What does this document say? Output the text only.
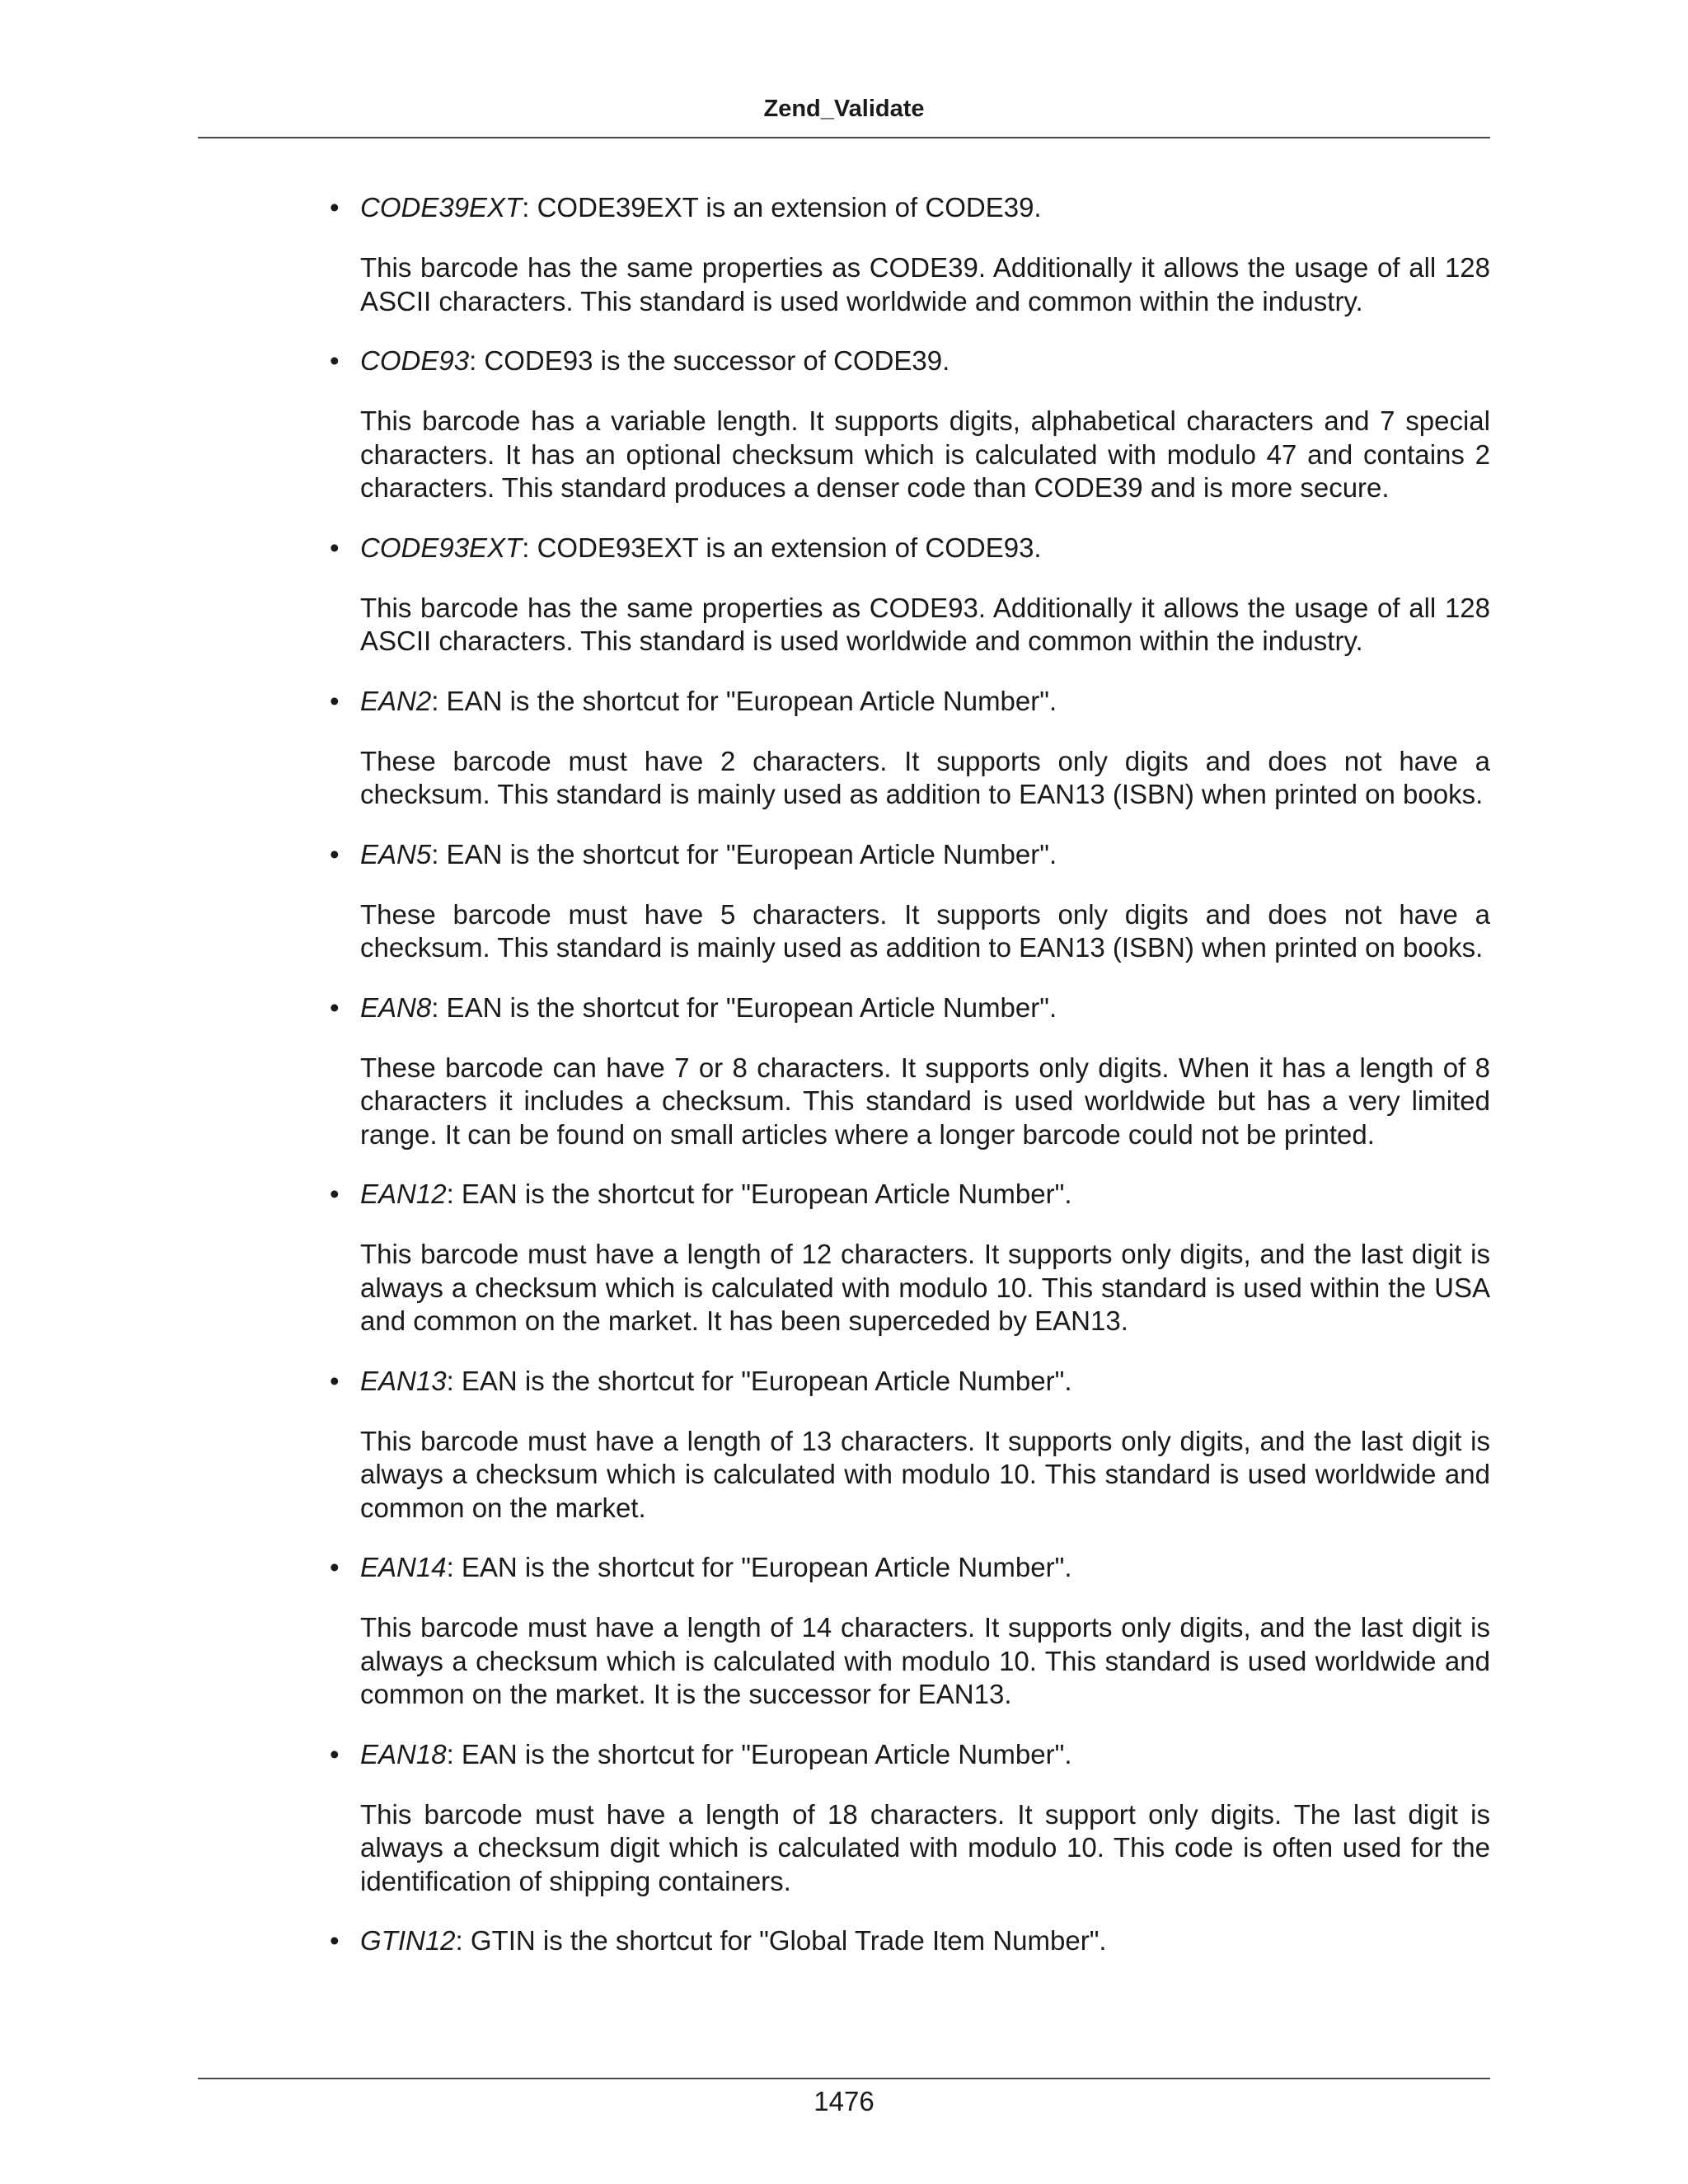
Zend_Validate
• CODE39EXT: CODE39EXT is an extension of CODE39.

This barcode has the same properties as CODE39. Additionally it allows the usage of all 128 ASCII characters. This standard is used worldwide and common within the industry.

• CODE93: CODE93 is the successor of CODE39.

This barcode has a variable length. It supports digits, alphabetical characters and 7 special characters. It has an optional checksum which is calculated with modulo 47 and contains 2 characters. This standard produces a denser code than CODE39 and is more secure.

• CODE93EXT: CODE93EXT is an extension of CODE93.

This barcode has the same properties as CODE93. Additionally it allows the usage of all 128 ASCII characters. This standard is used worldwide and common within the industry.

• EAN2: EAN is the shortcut for "European Article Number".

These barcode must have 2 characters. It supports only digits and does not have a checksum. This standard is mainly used as addition to EAN13 (ISBN) when printed on books.

• EAN5: EAN is the shortcut for "European Article Number".

These barcode must have 5 characters. It supports only digits and does not have a checksum. This standard is mainly used as addition to EAN13 (ISBN) when printed on books.

• EAN8: EAN is the shortcut for "European Article Number".

These barcode can have 7 or 8 characters. It supports only digits. When it has a length of 8 characters it includes a checksum. This standard is used worldwide but has a very limited range. It can be found on small articles where a longer barcode could not be printed.

• EAN12: EAN is the shortcut for "European Article Number".

This barcode must have a length of 12 characters. It supports only digits, and the last digit is always a checksum which is calculated with modulo 10. This standard is used within the USA and common on the market. It has been superceded by EAN13.

• EAN13: EAN is the shortcut for "European Article Number".

This barcode must have a length of 13 characters. It supports only digits, and the last digit is always a checksum which is calculated with modulo 10. This standard is used worldwide and common on the market.

• EAN14: EAN is the shortcut for "European Article Number".

This barcode must have a length of 14 characters. It supports only digits, and the last digit is always a checksum which is calculated with modulo 10. This standard is used worldwide and common on the market. It is the successor for EAN13.

• EAN18: EAN is the shortcut for "European Article Number".

This barcode must have a length of 18 characters. It support only digits. The last digit is always a checksum digit which is calculated with modulo 10. This code is often used for the identification of shipping containers.

• GTIN12: GTIN is the shortcut for "Global Trade Item Number".
1476
